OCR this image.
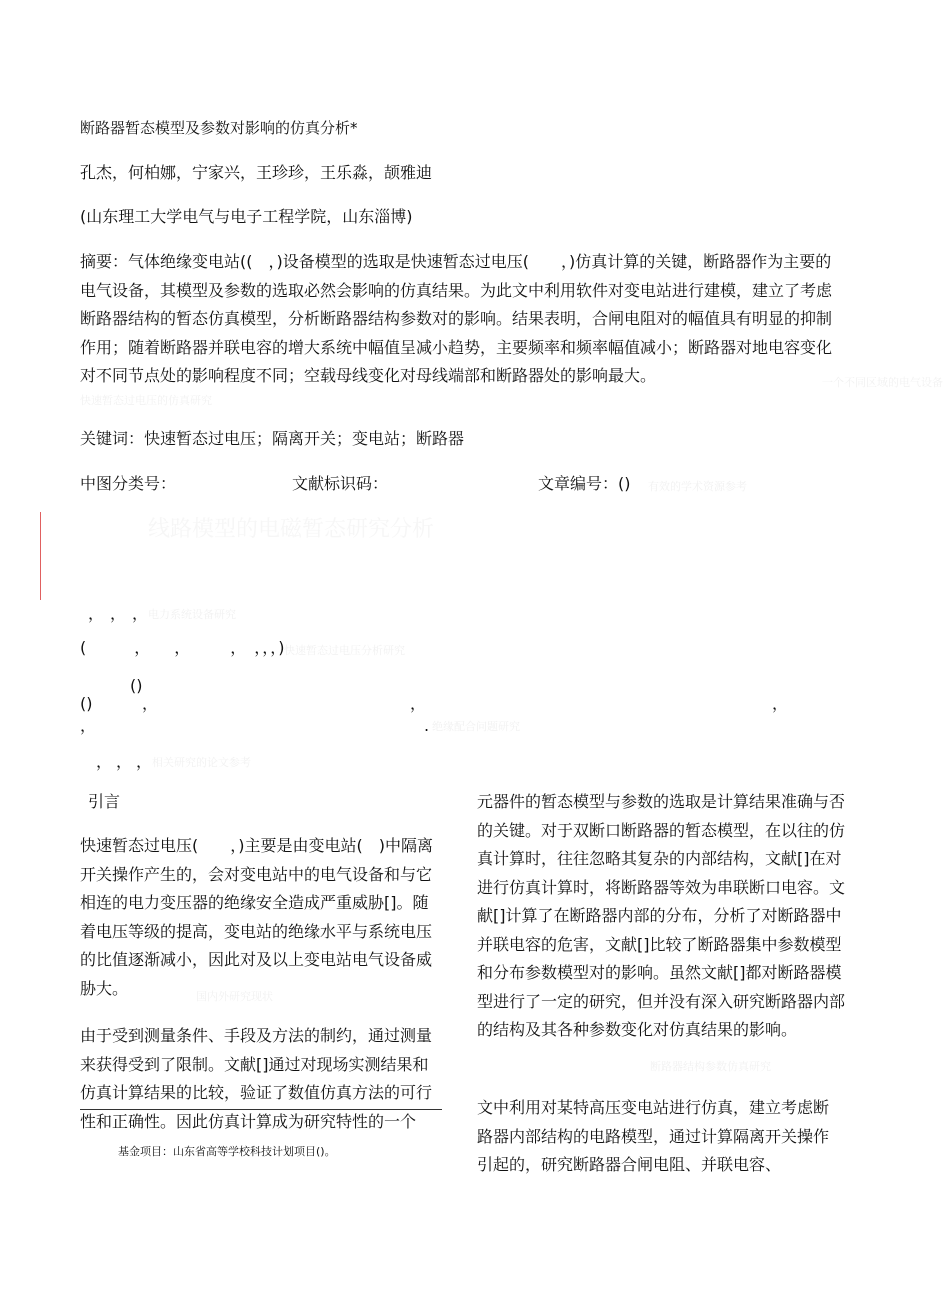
断路器暂态模型及参数对影响的仿真分析*
孔杰，何柏娜，宁家兴，王珍珍，王乐淼，颉雅迪
(山东理工大学电气与电子工程学院，山东淄博)
摘要：气体绝缘变电站((　，)设备模型的选取是快速暂态过电压(　　，)仿真计算的关键，断路器作为主要的电气设备，其模型及参数的选取必然会影响的仿真结果。为此文中利用软件对变电站进行建模，建立了考虑断路器结构的暂态仿真模型，分析断路器结构参数对的影响。结果表明，合闸电阻对的幅值具有明显的抑制作用；随着断路器并联电容的增大系统中幅值呈减小趋势，主要频率和频率幅值减小；断路器对地电容变化对不同节点处的影响程度不同；空载母线变化对母线端部和断路器处的影响最大。
关键词：快速暂态过电压；隔离开关；变电站；断路器
中图分类号：	文献标识码：	文章编号：()
一个不同区域的电气设备
快速暂态过电压的仿真研究
有效的学术资源参考
线路模型的电磁暂态研究分析
，，，
电力系统设备研究
(　　　，　　，　　　，　，，，) 快速暂态过电压分析研究
()
()	，	，	，
，	. 绝缘配合问题研究
，，，
相关研究的论文参考
引言
快速暂态过电压(　　，)主要是由变电站(　)中隔离开关操作产生的，会对变电站中的电气设备和与它相连的电力变压器的绝缘安全造成严重威胁[]。随着电压等级的提高，变电站的绝缘水平与系统电压的比值逐渐减小，因此对及以上变电站电气设备威胁大。	国内外研究现状
由于受到测量条件、手段及方法的制约，通过测量来获得受到了限制。文献[]通过对现场实测结果和仿真计算结果的比较，验证了数值仿真方法的可行性和正确性。因此仿真计算成为研究特性的一个
基金项目：山东省高等学校科技计划项目()。
元器件的暂态模型与参数的选取是计算结果准确与否的关键。对于双断口断路器的暂态模型，在以往的仿真计算时，往往忽略其复杂的内部结构，文献[]在对进行仿真计算时，将断路器等效为串联断口电容。文献[]计算了在断路器内部的分布，分析了对断路器中并联电容的危害，文献[]比较了断路器集中参数模型和分布参数模型对的影响。虽然文献[]都对断路器模型进行了一定的研究，但并没有深入研究断路器内部的结构及其各种参数变化对仿真结果的影响。
断路器结构参数仿真研究
文中利用对某特高压变电站进行仿真，建立考虑断路器内部结构的电路模型，通过计算隔离开关操作引起的，研究断路器合闸电阻、并联电容、
